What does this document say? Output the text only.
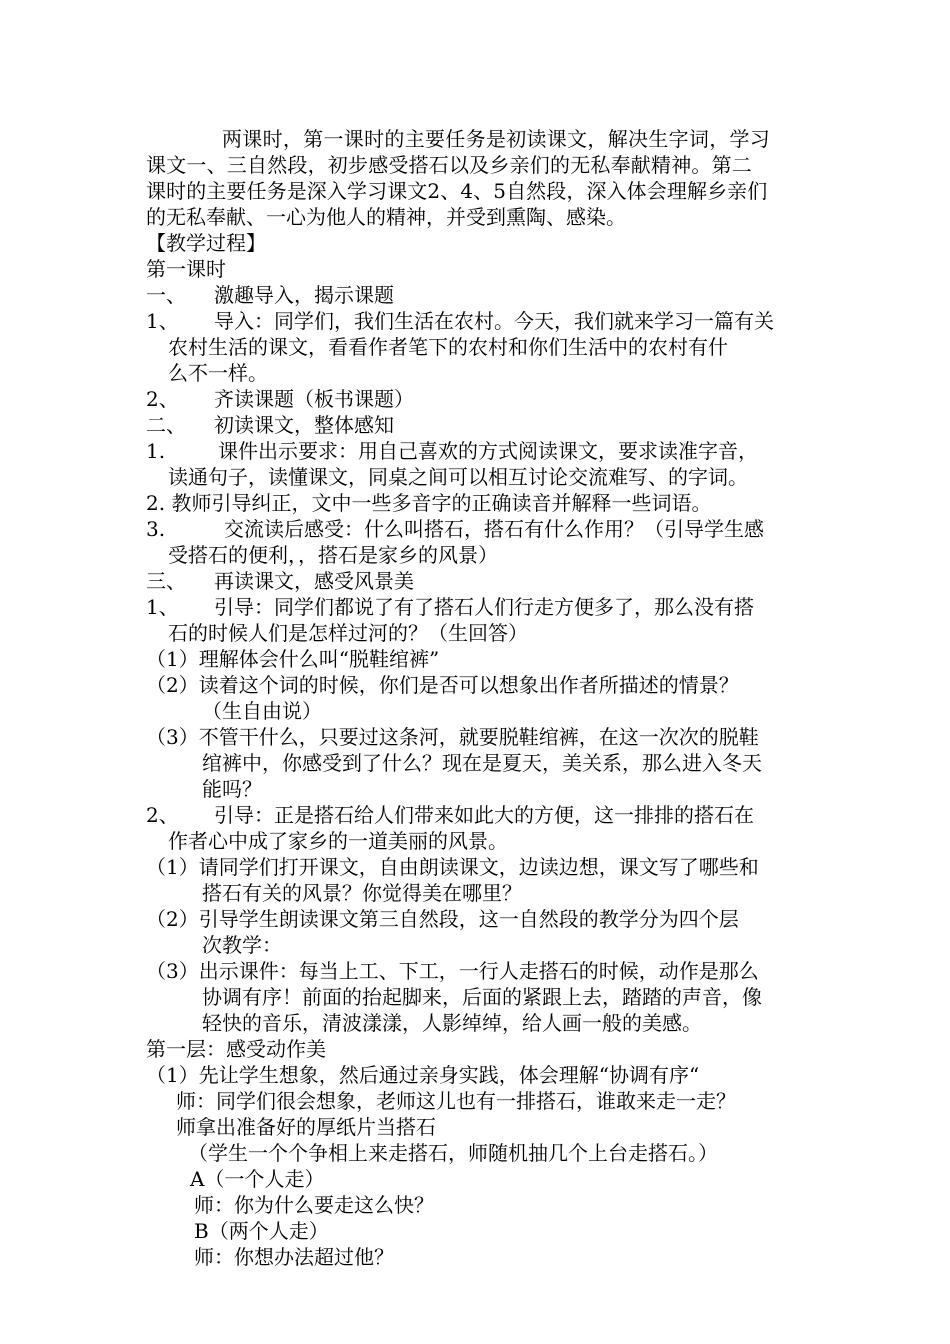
两课时，第一课时的主要任务是初读课文，解决生字词，学习
课文一、三自然段，初步感受搭石以及乡亲们的无私奉献精神。第二
课时的主要任务是深入学习课文2、4、5自然段，深入体会理解乡亲们
的无私奉献、一心为他人的精神，并受到熏陶、感染。
【教学过程】
第一课时
一、 激趣导入，揭示课题
1、 导入：同学们，我们生活在农村。今天，我们就来学习一篇有关
农村生活的课文，看看作者笔下的农村和你们生活中的农村有什
么不一样。
2、 齐读课题（板书课题）
二、 初读课文，整体感知
1.	课件出示要求：用自己喜欢的方式阅读课文，要求读准字音，
读通句子，读懂课文，同桌之间可以相互讨论交流难写、的字词。
2. 教师引导纠正，文中一些多音字的正确读音并解释一些词语。
3.	交流读后感受：什么叫搭石，搭石有什么作用？（引导学生感
受搭石的便利，，搭石是家乡的风景）
三、 再读课文，感受风景美
1、 引导：同学们都说了有了搭石人们行走方便多了，那么没有搭
石的时候人们是怎样过河的？（生回答）
（1）理解体会什么叫“脱鞋绾裤”
（2）读着这个词的时候，你们是否可以想象出作者所描述的情景？
（生自由说）
（3）不管干什么，只要过这条河，就要脱鞋绾裤，在这一次次的脱鞋
绾裤中，你感受到了什么？现在是夏天，美关系，那么进入冬天
能吗？
2、 引导：正是搭石给人们带来如此大的方便，这一排排的搭石在
作者心中成了家乡的一道美丽的风景。
（1）请同学们打开课文，自由朗读课文，边读边想，课文写了哪些和
搭石有关的风景？你觉得美在哪里？
（2）引导学生朗读课文第三自然段，这一自然段的教学分为四个层
次教学：
（3）出示课件：每当上工、下工，一行人走搭石的时候，动作是那么
协调有序！前面的抬起脚来，后面的紧跟上去，踏踏的声音，像
轻快的音乐，清波漾漾，人影绰绰，给人画一般的美感。
第一层：感受动作美
（1）先让学生想象，然后通过亲身实践，体会理解“协调有序“
师：同学们很会想象，老师这儿也有一排搭石，谁敢来走一走？
师拿出准备好的厚纸片当搭石
（学生一个个争相上来走搭石，师随机抽几个上台走搭石。）
A（一个人走）
师：你为什么要走这么快？
B（两个人走）
师：你想办法超过他？
